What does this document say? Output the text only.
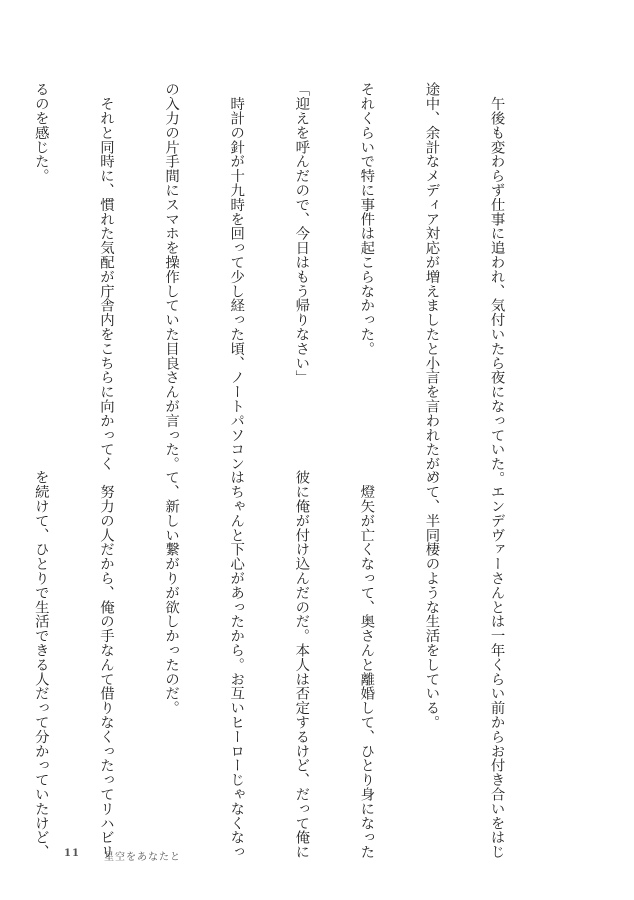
　午後も変わらず仕事に追われ、気付いたら夜になっていた。

途中、余計なメディア対応が増えましたと小言を言われたが、

それくらいで特に事件は起こらなかった。

「迎えを呼んだので、今日はもう帰りなさい」

　時計の針が十九時を回って少し経った頃、ノートパソコン

の入力の片手間にスマホを操作していた目良さんが言った。

　それと同時に、慣れた気配が庁舎内をこちらに向かってく

るのを感じた。

　エンデヴァーさんとは一年くらい前からお付き合いをはじ

めて、半同棲のような生活をしている。

　燈矢が亡くなって、奥さんと離婚して、ひとり身になった

彼に俺が付け込んだのだ。本人は否定するけど、だって俺に

はちゃんと下心があったから。お互いヒーローじゃなくなっ

て、新しい繋がりが欲しかったのだ。

　努力の人だから、俺の手なんて借りなくったってリハビリ

を続けて、ひとりで生活できる人だって分かっていたけど、

11 星空をあなたと
